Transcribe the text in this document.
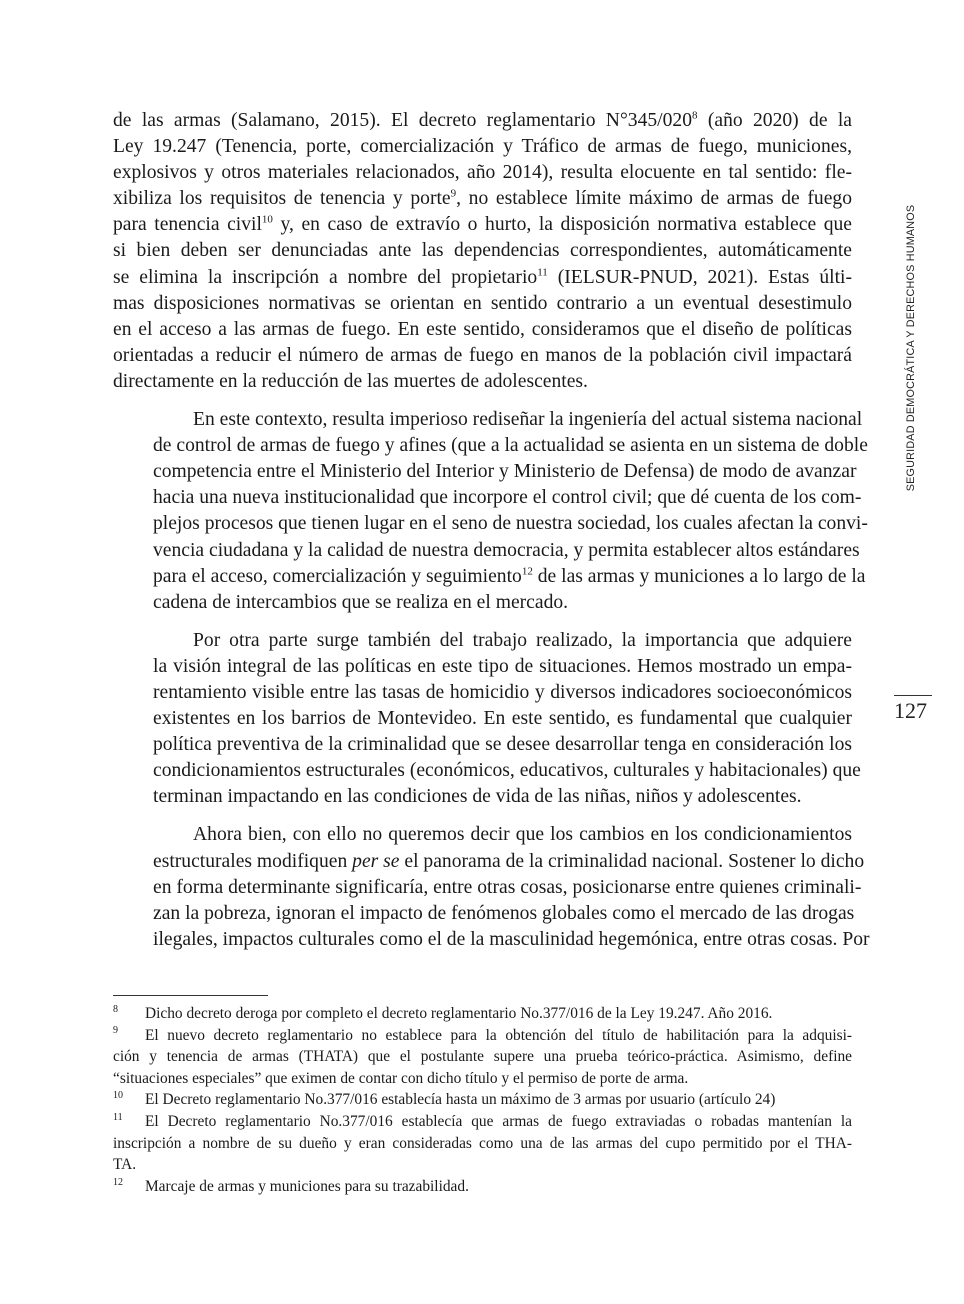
de las armas (Salamano, 2015). El decreto reglamentario $N^\circ 345/020^8$ (año 2020) de la
Ley 19.247 (Tenencia, porte, comercialización y Tráfico de armas de fuego, municiones,
explosivos y otros materiales relacionados, año 2014), resulta elocuente en tal sentido: fle-
xibiliza los requisitos de tenencia y porte$^9$, no establece límite máximo de armas de fuego
para tenencia civil$^{10}$ y, en caso de extravío o hurto, la disposición normativa establece que
si bien deben ser denunciadas ante las dependencias correspondientes, automáticamente
se elimina la inscripción a nombre del propietario$^{11}$ (IELSUR-PNUD, 2021). Estas últi-
mas disposiciones normativas se orientan en sentido contrario a un eventual desestimulo
en el acceso a las armas de fuego. En este sentido, consideramos que el diseño de políticas
orientadas a reducir el número de armas de fuego en manos de la población civil impactará
directamente en la reducción de las muertes de adolescentes.

En este contexto, resulta imperioso rediseñar la ingeniería del actual sistema nacional
de control de armas de fuego y afines (que a la actualidad se asienta en un sistema de doble
competencia entre el Ministerio del Interior y Ministerio de Defensa) de modo de avanzar
hacia una nueva institucionalidad que incorpore el control civil; que dé cuenta de los com-
plejos procesos que tienen lugar en el seno de nuestra sociedad, los cuales afectan la convi-
vencia ciudadana y la calidad de nuestra democracia, y permita establecer altos estándares
para el acceso, comercialización y seguimiento$^{12}$ de las armas y municiones a lo largo de la
cadena de intercambios que se realiza en el mercado.

Por otra parte surge también del trabajo realizado, la importancia que adquiere
la visión integral de las políticas en este tipo de situaciones. Hemos mostrado un empa-
rentamiento visible entre las tasas de homicidio y diversos indicadores socioeconómicos
existentes en los barrios de Montevideo. En este sentido, es fundamental que cualquier
política preventiva de la criminalidad que se desee desarrollar tenga en consideración los
condicionamientos estructurales (económicos, educativos, culturales y habitacionales) que
terminan impactando en las condiciones de vida de las niñas, niños y adolescentes.

Ahora bien, con ello no queremos decir que los cambios en los condicionamientos
estructurales modifiquen per se el panorama de la criminalidad nacional. Sostener lo dicho
en forma determinante significaría, entre otras cosas, posicionarse entre quienes criminali-
zan la pobreza, ignoran el impacto de fenómenos globales como el mercado de las drogas
ilegales, impactos culturales como el de la masculinidad hegemónica, entre otras cosas. Por

SEGURIDAD DEMOCRÁTICA Y DERECHOS HUMANOS
127

8 Dicho decreto deroga por completo el decreto reglamentario No.377/016 de la Ley 19.247. Año 2016.

9 El nuevo decreto reglamentario no establece para la obtención del título de habilitación para la adquisi-
ción y tenencia de armas (THATA) que el postulante supere una prueba teórico-práctica. Asimismo, define
“situaciones especiales” que eximen de contar con dicho título y el permiso de porte de arma.

10 El Decreto reglamentario No.377/016 establecía hasta un máximo de 3 armas por usuario (artículo 24)

11 El Decreto reglamentario No.377/016 establecía que armas de fuego extraviadas o robadas mantenían la
inscripción a nombre de su dueño y eran consideradas como una de las armas del cupo permitido por el THA-
TA.

12 Marcaje de armas y municiones para su trazabilidad.
